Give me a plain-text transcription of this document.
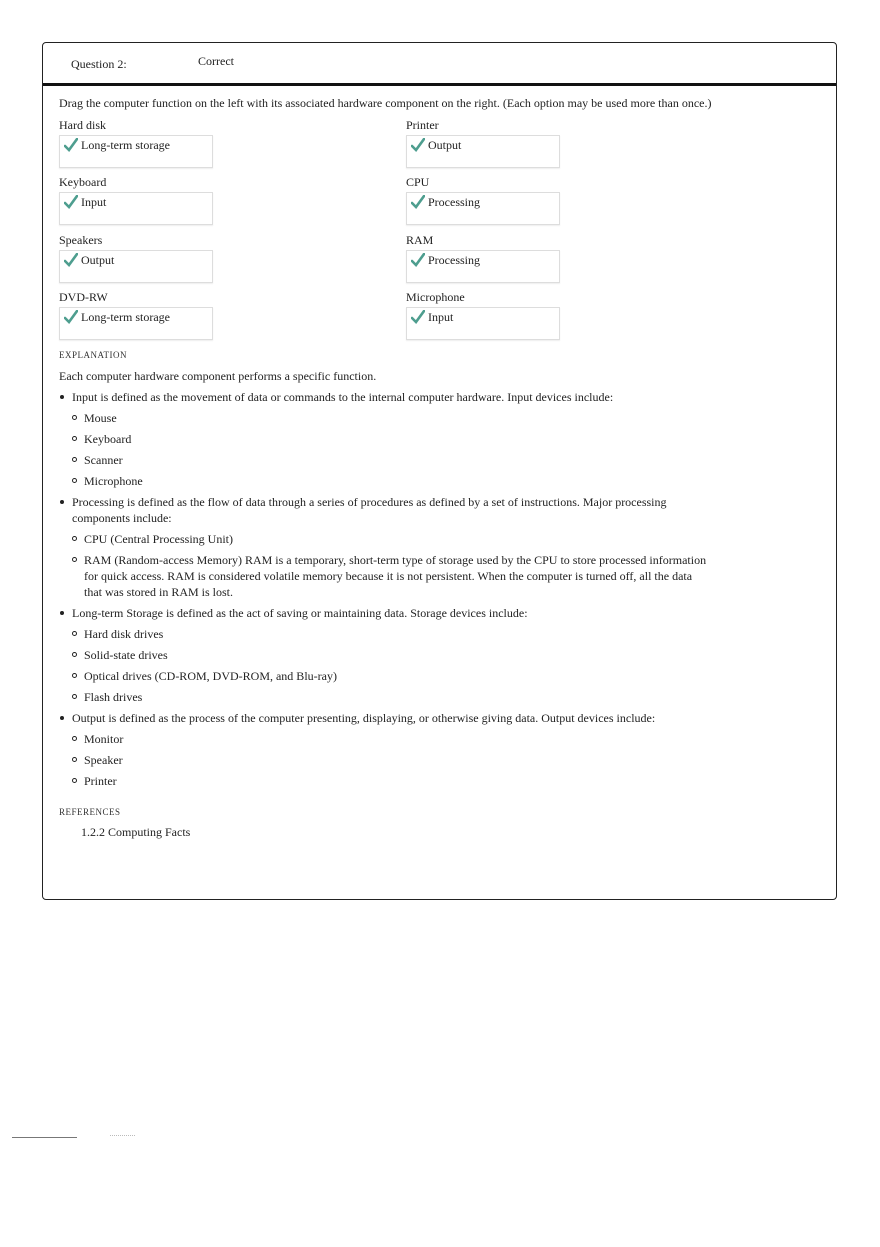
Question 2:	Correct

Drag the computer function on the left with its associated hardware component on the right. (Each option may be used more than once.)

Hard disk
Long-term storage
Printer
Output
Keyboard
Input
CPU
Processing
Speakers
Output
RAM
Processing
DVD-RW
Long-term storage
Microphone
Input
EXPLANATION

Each computer hardware component performs a specific function.

Input is defined as the movement of data or commands to the internal computer hardware. Input devices include:
Mouse
Keyboard
Scanner
Microphone
Processing is defined as the flow of data through a series of procedures as defined by a set of instructions. Major processing components include:
CPU (Central Processing Unit)
RAM (Random-access Memory) RAM is a temporary, short-term type of storage used by the CPU to store processed information for quick access. RAM is considered volatile memory because it is not persistent. When the computer is turned off, all the data that was stored in RAM is lost.
Long-term Storage is defined as the act of saving or maintaining data. Storage devices include:
Hard disk drives
Solid-state drives
Optical drives (CD-ROM, DVD-ROM, and Blu-ray)
Flash drives
Output is defined as the process of the computer presenting, displaying, or otherwise giving data. Output devices include:
Monitor
Speaker
Printer
REFERENCES
1.2.2 Computing Facts
